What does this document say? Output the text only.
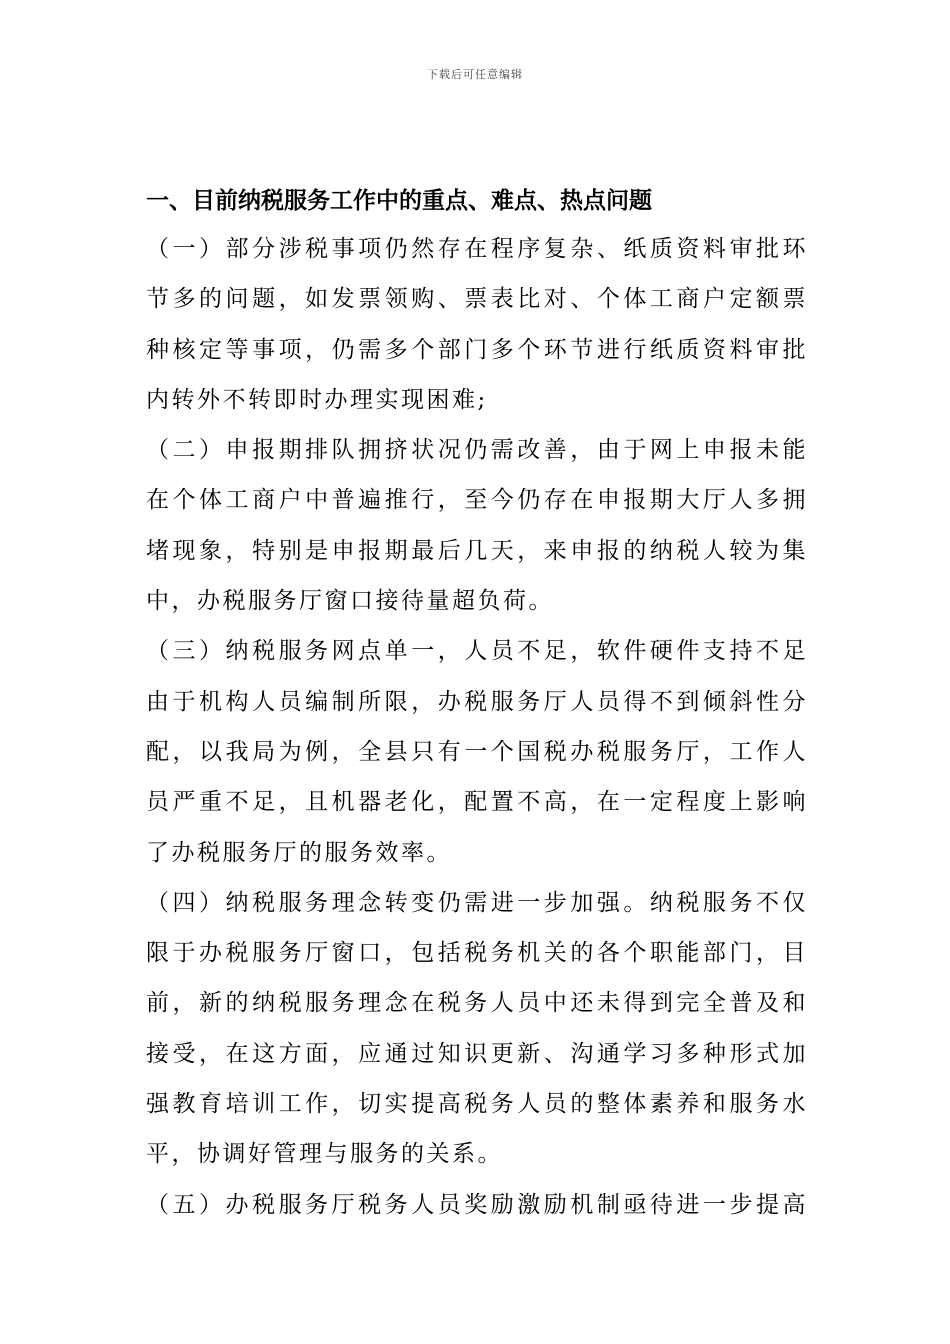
下载后可任意编辑
一、目前纳税服务工作中的重点、难点、热点问题

（一）部分涉税事项仍然存在程序复杂、纸质资料审批环
节多的问题，如发票领购、票表比对、个体工商户定额票
种核定等事项，仍需多个部门多个环节进行纸质资料审批
内转外不转即时办理实现困难;

（二）申报期排队拥挤状况仍需改善，由于网上申报未能
在个体工商户中普遍推行，至今仍存在申报期大厅人多拥
堵现象，特别是申报期最后几天，来申报的纳税人较为集
中，办税服务厅窗口接待量超负荷。

（三）纳税服务网点单一，人员不足，软件硬件支持不足
由于机构人员编制所限，办税服务厅人员得不到倾斜性分
配，以我局为例，全县只有一个国税办税服务厅，工作人
员严重不足，且机器老化，配置不高，在一定程度上影响
了办税服务厅的服务效率。

（四）纳税服务理念转变仍需进一步加强。纳税服务不仅
限于办税服务厅窗口，包括税务机关的各个职能部门，目
前，新的纳税服务理念在税务人员中还未得到完全普及和
接受，在这方面，应通过知识更新、沟通学习多种形式加
强教育培训工作，切实提高税务人员的整体素养和服务水
平，协调好管理与服务的关系。

（五）办税服务厅税务人员奖励激励机制亟待进一步提高
